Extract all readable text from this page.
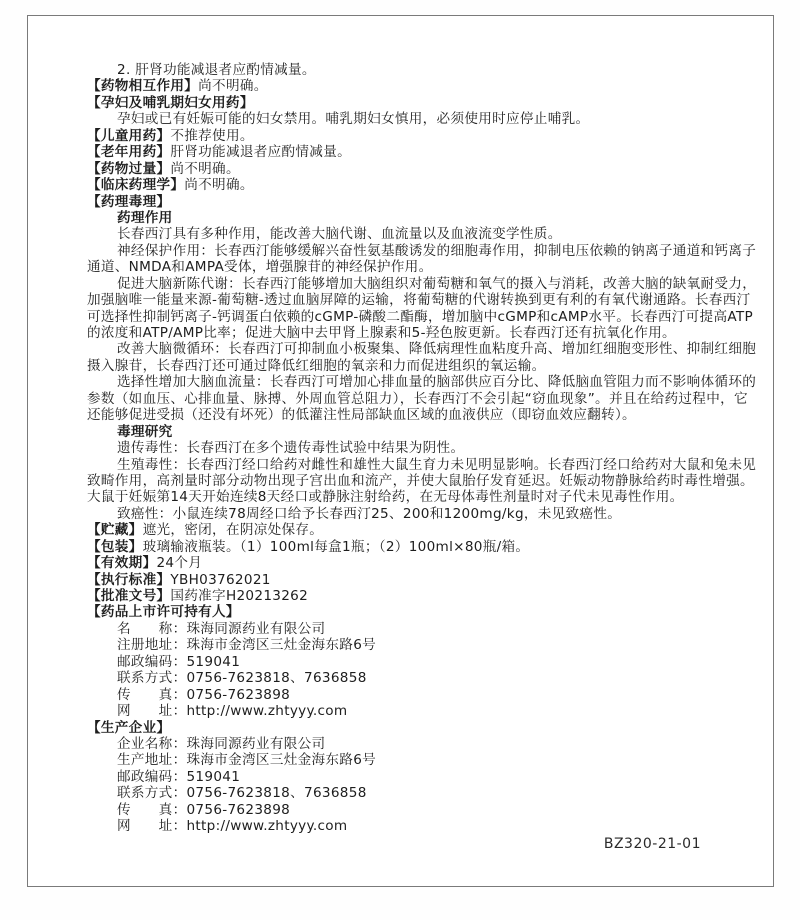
2. 肝肾功能减退者应酌情减量。
【药物相互作用】尚不明确。
【孕妇及哺乳期妇女用药】
孕妇或已有妊娠可能的妇女禁用。哺乳期妇女慎用，必须使用时应停止哺乳。
【儿童用药】不推荐使用。
【老年用药】肝肾功能减退者应酌情减量。
【药物过量】尚不明确。
【临床药理学】尚不明确。
【药理毒理】
药理作用
长春西汀具有多种作用，能改善大脑代谢、血流量以及血液流变学性质。
神经保护作用：长春西汀能够缓解兴奋性氨基酸诱发的细胞毒作用，抑制电压依赖的钠离子通道和钙离子
通道、NMDA和AMPA受体，增强腺苷的神经保护作用。
促进大脑新陈代谢：长春西汀能够增加大脑组织对葡萄糖和氧气的摄入与消耗，改善大脑的缺氧耐受力，
加强脑唯一能量来源-葡萄糖-透过血脑屏障的运输，将葡萄糖的代谢转换到更有利的有氧代谢通路。长春西汀
可选择性抑制钙离子-钙调蛋白依赖的cGMP-磷酸二酯酶，增加脑中cGMP和cAMP水平。长春西汀可提高ATP
的浓度和ATP/AMP比率；促进大脑中去甲肾上腺素和5-羟色胺更新。长春西汀还有抗氧化作用。
改善大脑微循环：长春西汀可抑制血小板聚集、降低病理性血粘度升高、增加红细胞变形性、抑制红细胞
摄入腺苷，长春西汀还可通过降低红细胞的氧亲和力而促进组织的氧运输。
选择性增加大脑血流量：长春西汀可增加心排血量的脑部供应百分比、降低脑血管阻力而不影响体循环的
参数（如血压、心排血量、脉搏、外周血管总阻力），长春西汀不会引起“窃血现象”。并且在给药过程中，它
还能够促进受损（还没有坏死）的低灌注性局部缺血区域的血液供应（即窃血效应翻转）。
毒理研究
遗传毒性：长春西汀在多个遗传毒性试验中结果为阴性。
生殖毒性：长春西汀经口给药对雌性和雄性大鼠生育力未见明显影响。长春西汀经口给药对大鼠和兔未见
致畸作用，高剂量时部分动物出现子宫出血和流产，并使大鼠胎仔发育延迟。妊娠动物静脉给药时毒性增强。
大鼠于妊娠第14天开始连续8天经口或静脉注射给药，在无母体毒性剂量时对子代未见毒性作用。
致癌性：小鼠连续78周经口给予长春西汀25、200和1200mg/kg，未见致癌性。
【贮藏】遮光，密闭，在阴凉处保存。
【包装】玻璃输液瓶装。（1）100ml每盒1瓶；（2）100ml×80瓶/箱。
【有效期】24个月
【执行标准】YBH03762021
【批准文号】国药准字H20213262
【药品上市许可持有人】
名　　称：珠海同源药业有限公司
注册地址：珠海市金湾区三灶金海东路6号
邮政编码：519041
联系方式：0756-7623818、7636858
传　　真：0756-7623898
网　　址：http://www.zhtyyy.com
【生产企业】
企业名称：珠海同源药业有限公司
生产地址：珠海市金湾区三灶金海东路6号
邮政编码：519041
联系方式：0756-7623818、7636858
传　　真：0756-7623898
网　　址：http://www.zhtyyy.com
BZ320-21-01
